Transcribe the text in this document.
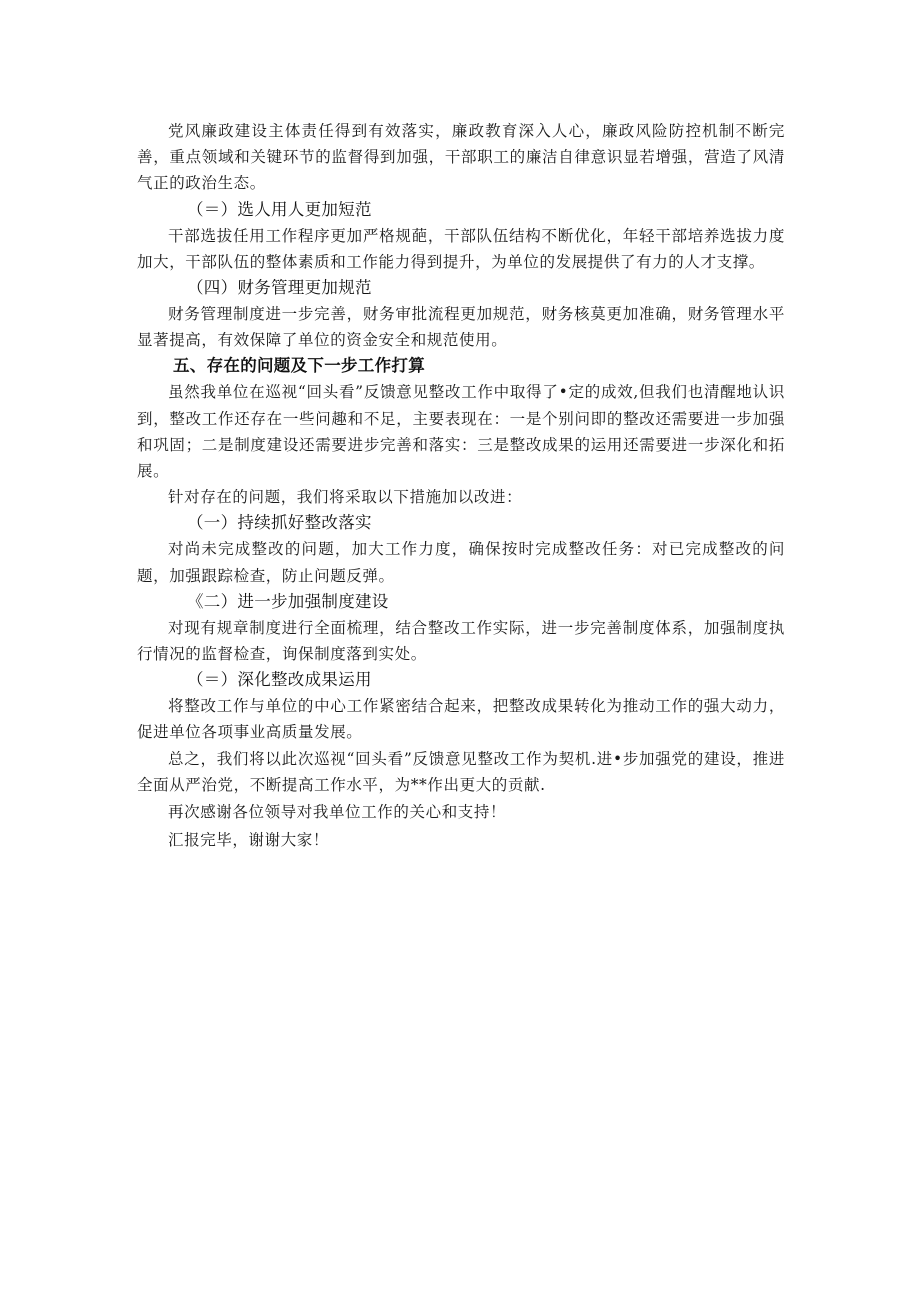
党风廉政建设主体责任得到有效落实，廉政教育深入人心，廉政风险防控机制不断完善，重点领域和关键环节的监督得到加强，干部职工的廉洁自律意识显若增强，营造了风清气正的政治生态。

（＝）选人用人更加短范

干部选拔任用工作程序更加严格规葩，干部队伍结构不断优化，年轻干部培养选拔力度加大，干部队伍的整体素质和工作能力得到提升，为单位的发展提供了有力的人才支撑。

（四）财务管理更加规范

财务管理制度进一步完善，财务审批流程更加规范，财务核莫更加准确，财务管理水平显著提高，有效保障了单位的资金安全和规范使用。

五、存在的问题及下一步工作打算

虽然我单位在巡视“回头看”反馈意见整改工作中取得了•定的成效,但我们也清醒地认识到，整改工作还存在一些问趣和不足，主要表现在：一是个别问即的整改还需要进一步加强和巩固；二是制度建设还需要进步完善和落实：三是整改成果的运用还需要进一步深化和拓展。

针对存在的问题，我们将采取以下措施加以改进：

（一）持续抓好整改落实

对尚未完成整改的问题，加大工作力度，确保按时完成整改任务：对已完成整改的问题，加强跟踪检查，防止问题反弹。

《二）进一步加强制度建设

对现有规章制度进行全面梳理，结合整改工作实际，进一步完善制度体系，加强制度执行情况的监督检查，询保制度落到实处。

（＝）深化整改成果运用

将整改工作与单位的中心工作紧密结合起来，把整改成果转化为推动工作的强大动力，促进单位各项事业高质量发展。

总之，我们将以此次巡视“回头看”反馈意见整改工作为契机.进•步加强党的建设，推进全面从严治党，不断提高工作水平，为**作出更大的贡献.

再次感谢各位领导对我单位工作的关心和支持！

汇报完毕，谢谢大家！
